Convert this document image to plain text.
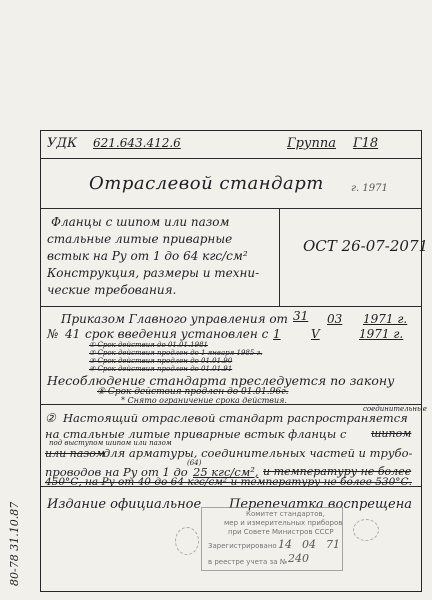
УДК 621.643.412.6	Группа Г18
Отраслевой стандарт	г. 1971
Фланцы с шипом или пазом
стальные литые приварные
встык на Ру от 1 до 64 кгс/см²
Конструкция, размеры и техни-
ческие требования.
ОСТ 26-07-2071
Приказом Главного управления от 31 03 1971 г.
№ 41 срок введения установлен с 1	V	1971 г.
① Срок действия до 01.01.1981
② Срок действия продлен до 1 января 1985 г.
③ Срок действия продлен до 01.01.90
④ Срок действия продлен до 01.01.91
Несоблюдение стандарта преследуется по закону
⑤ Срок действия продлен до 01.01.96г.
* Снято ограничение срока действия.
② Настоящий отраслевой стандарт распространяется
соединительные
на стальные литые приварные встык фланцы с шипом
под выступом шипом или пазом
или пазом
для арматуры, соединительных частей и трубо-
(64)
проводов на Ру от 1 до 25 кгс/см², и температуру не более
450°С, на Ру от 40 до 64 кгс/см² и температуру не более 530°С.
Издание официальное Перепечатка воспрещена
Комитет стандартов,
мер и измерительных приборов
при Совете Министров СССР
Зарегистрировано 14 04 71
в реестре учета за № 240
80-78 31.10.87
